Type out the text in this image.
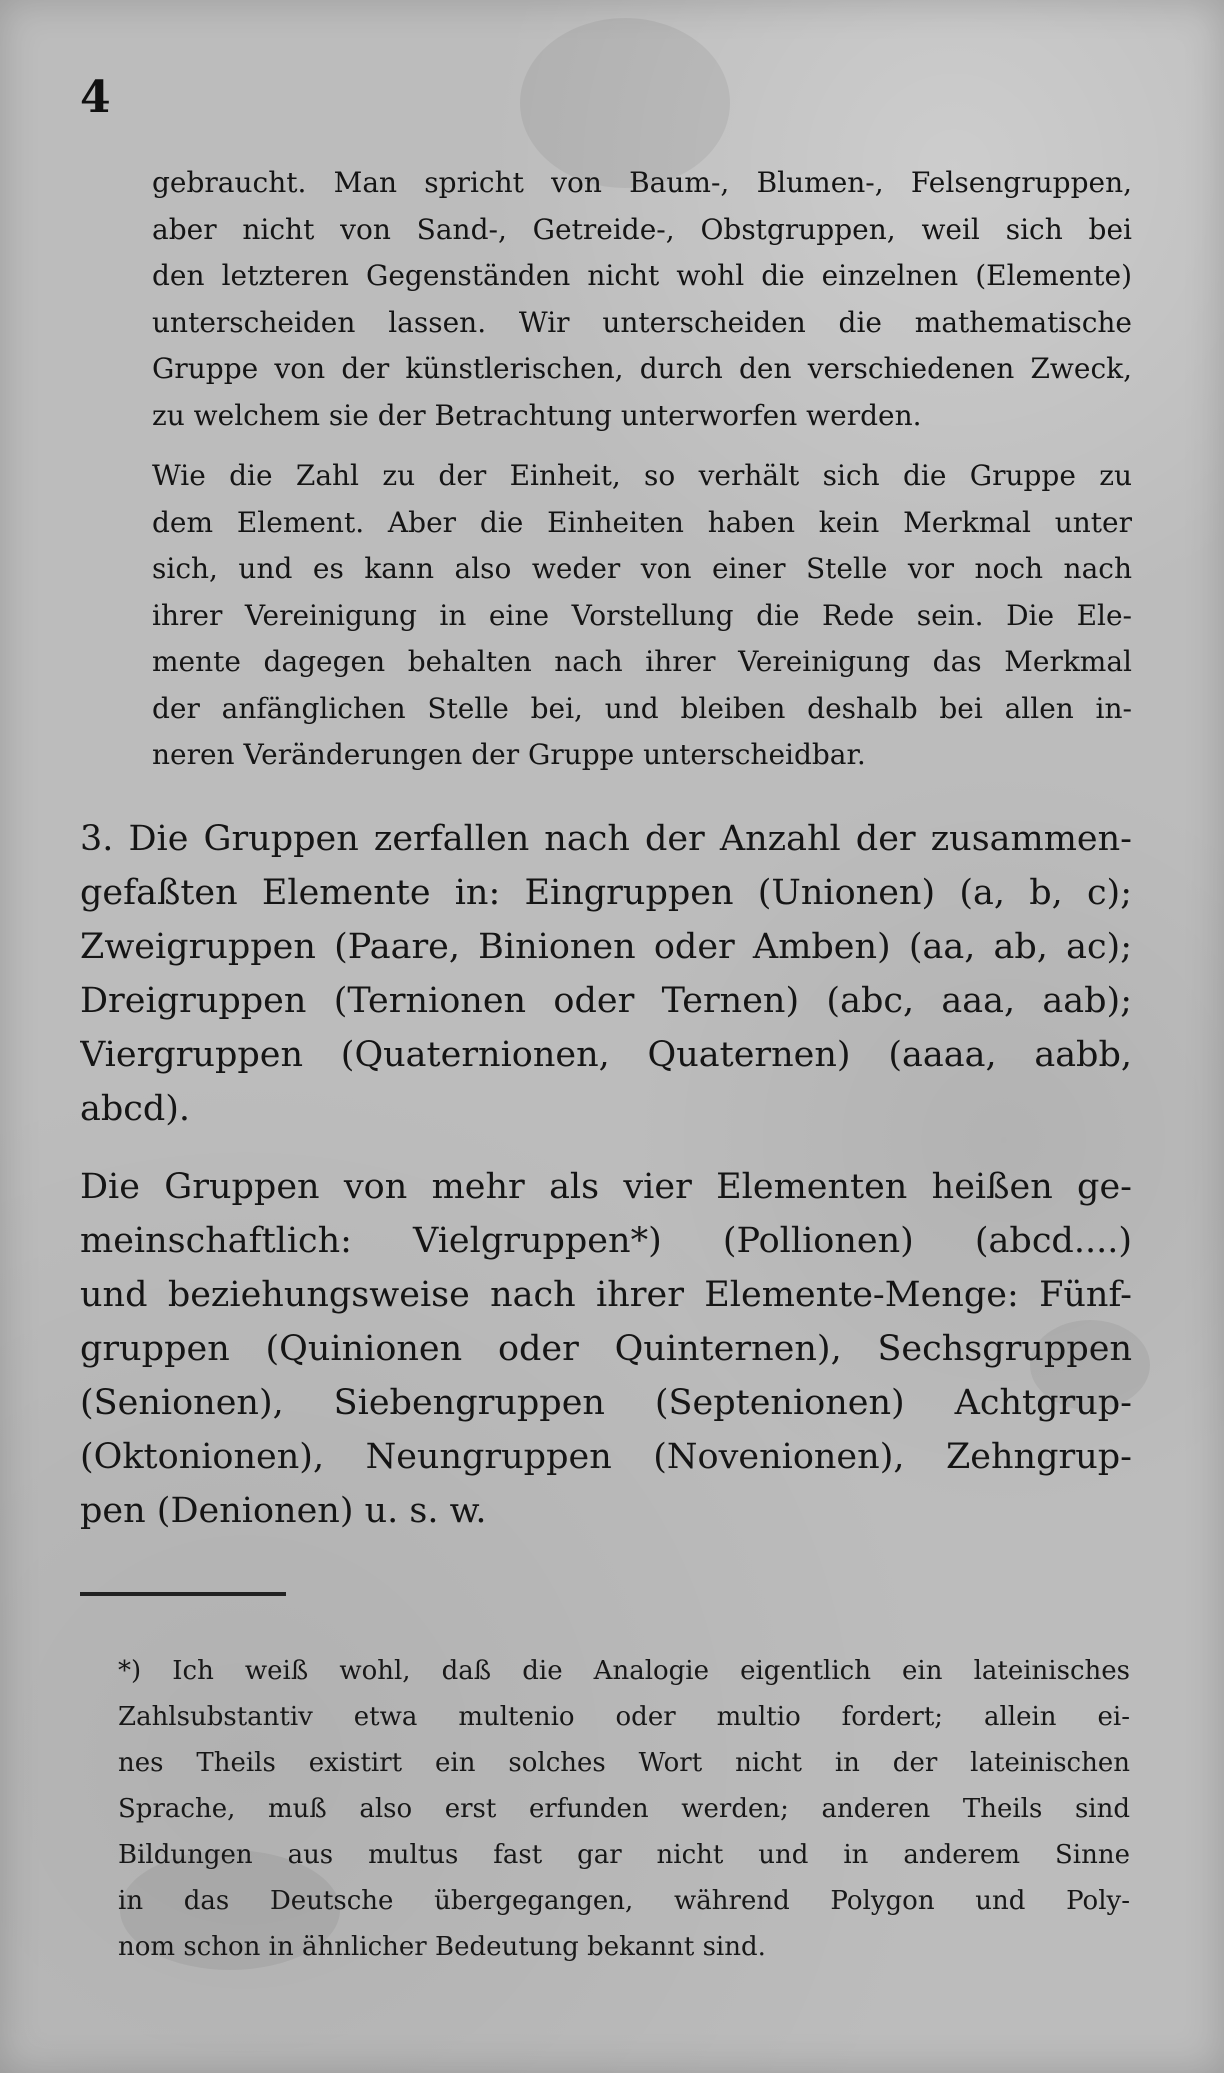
4
gebraucht. Man spricht von Baum-, Blumen-, Felsengruppen,
aber nicht von Sand-, Getreide-, Obstgruppen, weil sich bei
den letzteren Gegenständen nicht wohl die einzelnen (Elemente)
unterscheiden lassen. Wir unterscheiden die mathematische
Gruppe von der künstlerischen, durch den verschiedenen Zweck,
zu welchem sie der Betrachtung unterworfen werden.
Wie die Zahl zu der Einheit, so verhält sich die Gruppe zu
dem Element. Aber die Einheiten haben kein Merkmal unter
sich, und es kann also weder von einer Stelle vor noch nach
ihrer Vereinigung in eine Vorstellung die Rede sein. Die Ele-
mente dagegen behalten nach ihrer Vereinigung das Merkmal
der anfänglichen Stelle bei, und bleiben deshalb bei allen in-
neren Veränderungen der Gruppe unterscheidbar.
3. Die Gruppen zerfallen nach der Anzahl der zusammen-
gefaßten Elemente in: Eingruppen (Unionen) (a, b, c);
Zweigruppen (Paare, Binionen oder Amben) (aa, ab, ac);
Dreigruppen (Ternionen oder Ternen) (abc, aaa, aab);
Viergruppen (Quaternionen, Quaternen) (aaaa, aabb,
abcd).
Die Gruppen von mehr als vier Elementen heißen ge-
meinschaftlich: Vielgruppen*) (Pollionen) (abcd....)
und beziehungsweise nach ihrer Elemente-Menge: Fünf-
gruppen (Quinionen oder Quinternen), Sechsgruppen
(Senionen), Siebengruppen (Septenionen) Achtgrup-
(Oktonionen), Neungruppen (Novenionen), Zehngrup-
pen (Denionen) u. s. w.
*) Ich weiß wohl, daß die Analogie eigentlich ein lateinisches
Zahlsubstantiv etwa multenio oder multio fordert; allein ei-
nes Theils existirt ein solches Wort nicht in der lateinischen
Sprache, muß also erst erfunden werden; anderen Theils sind
Bildungen aus multus fast gar nicht und in anderem Sinne
in das Deutsche übergegangen, während Polygon und Poly-
nom schon in ähnlicher Bedeutung bekannt sind.
